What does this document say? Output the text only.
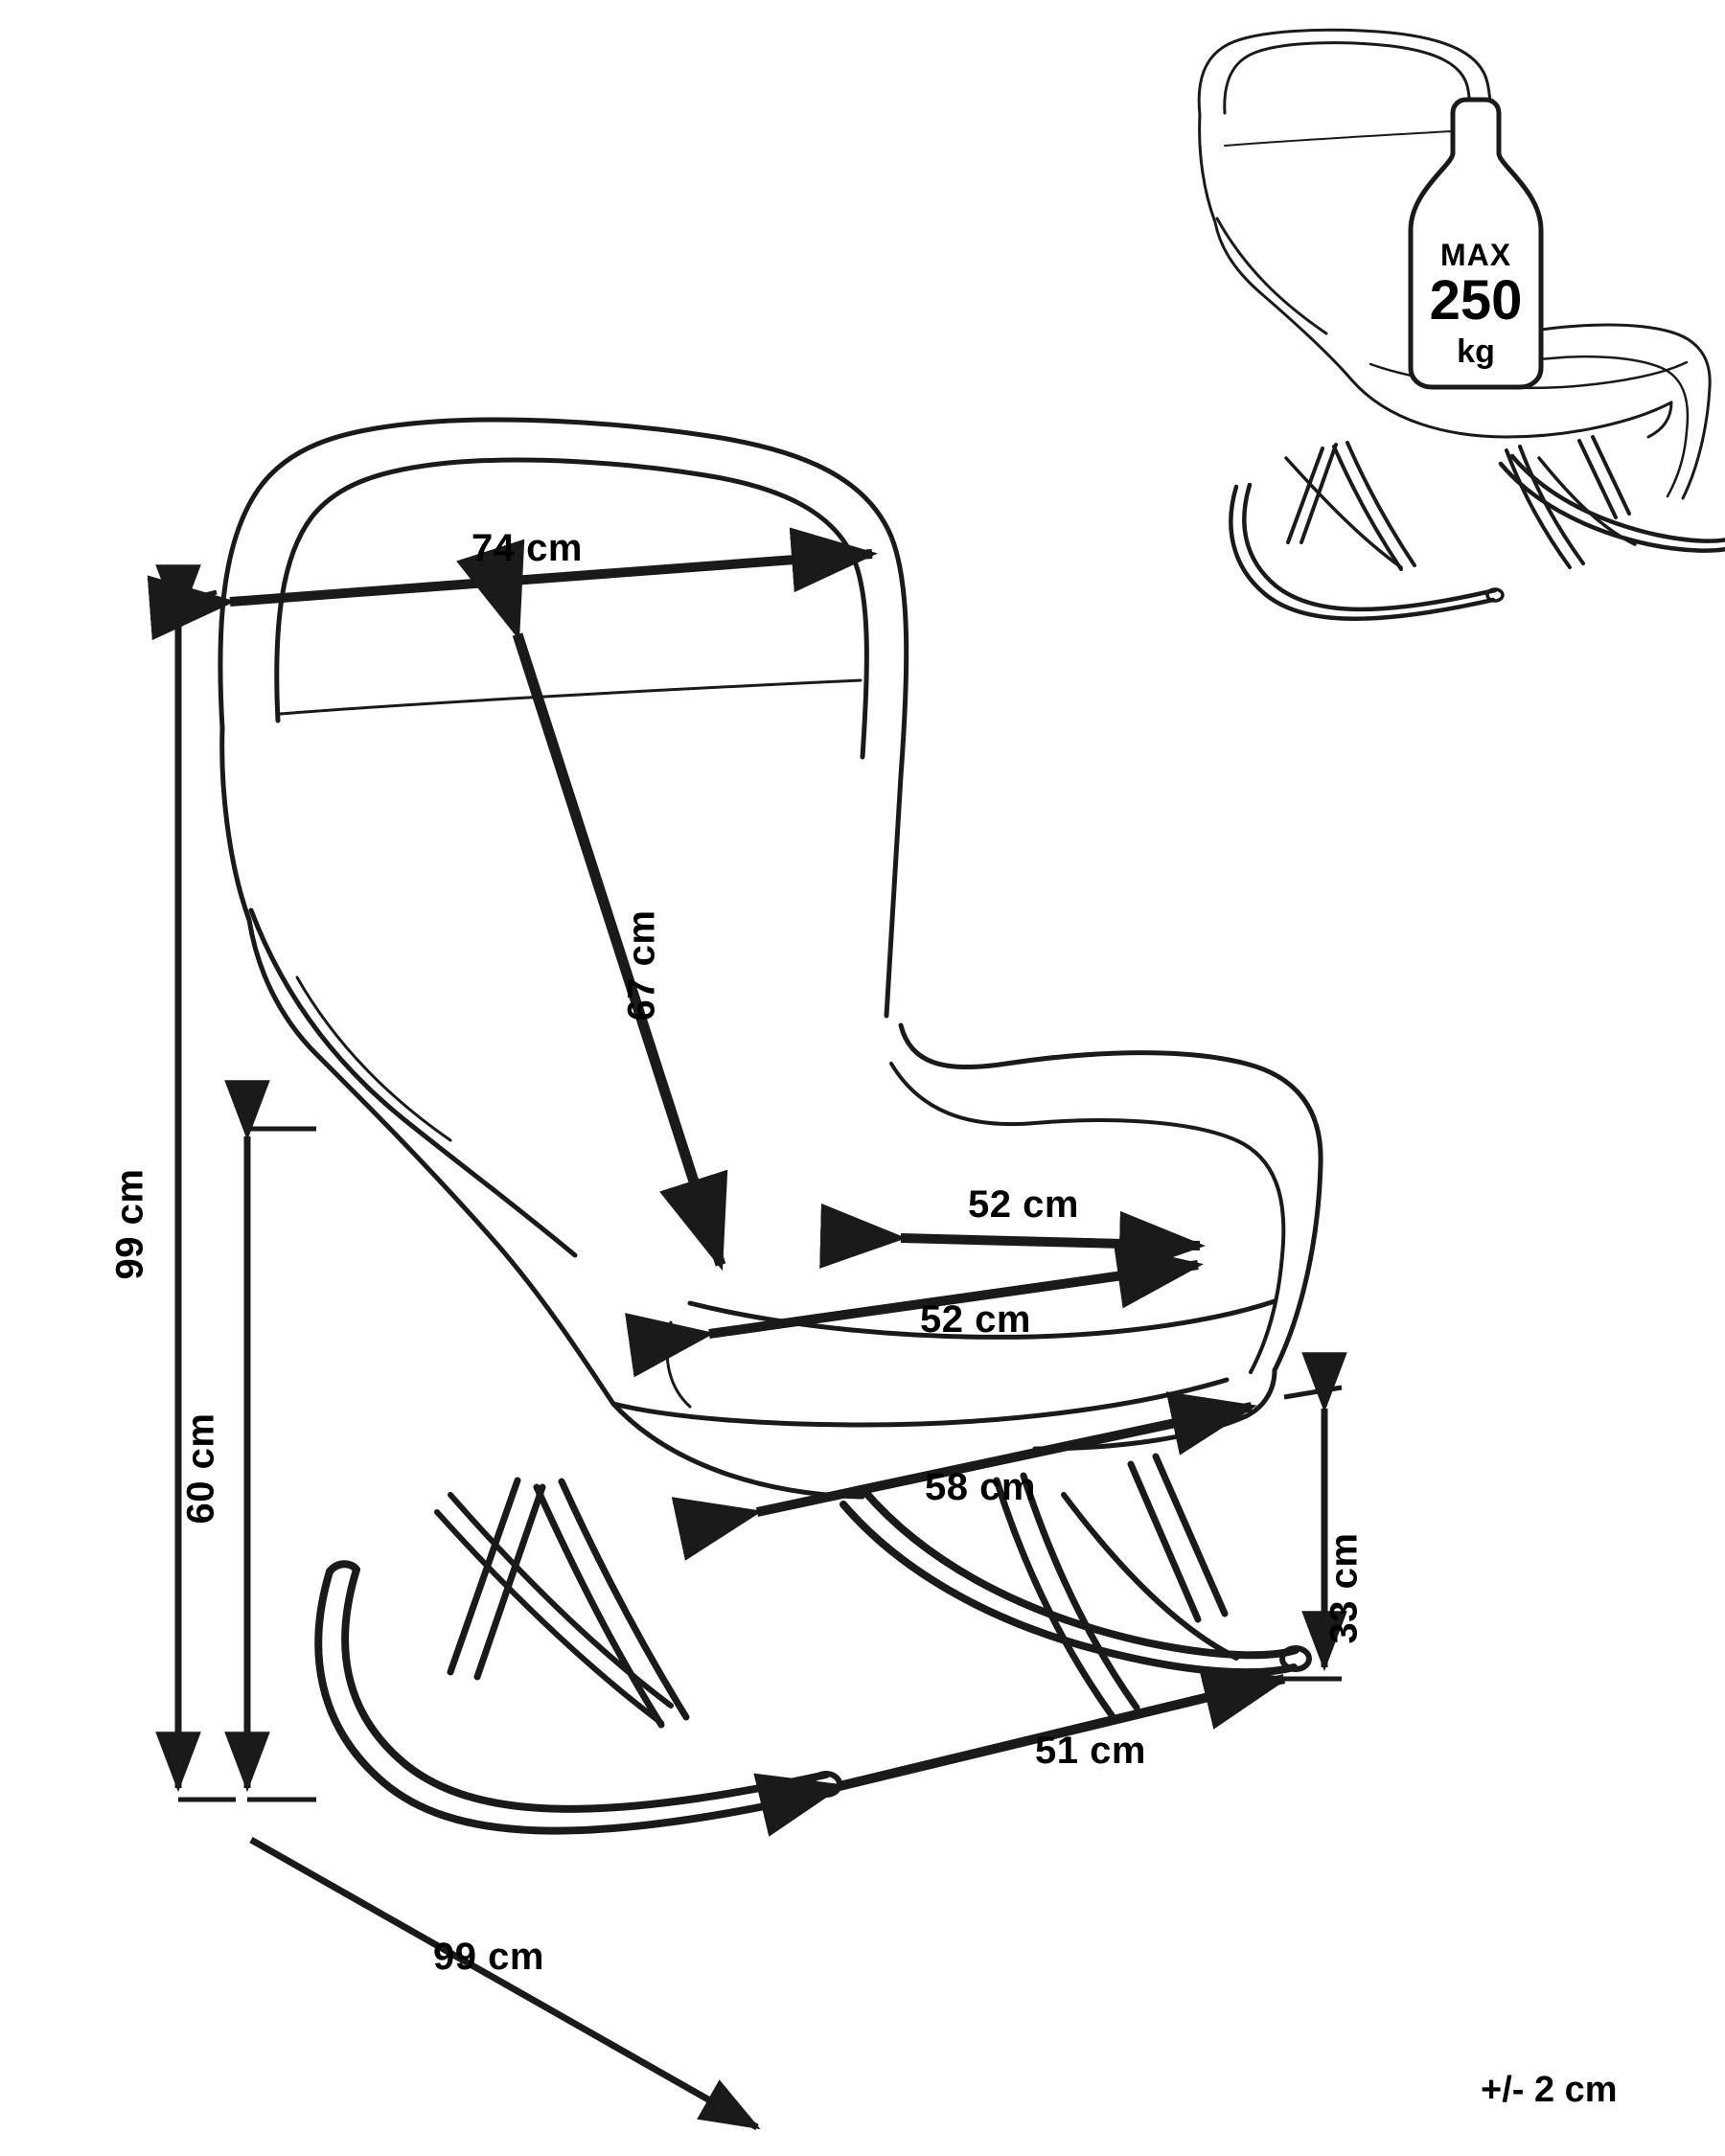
MAX
250
kg
74 cm
67 cm
52 cm
52 cm
99 cm
60 cm	58 cm
33 cm
51 cm
99 cm
+/- 2 cm
